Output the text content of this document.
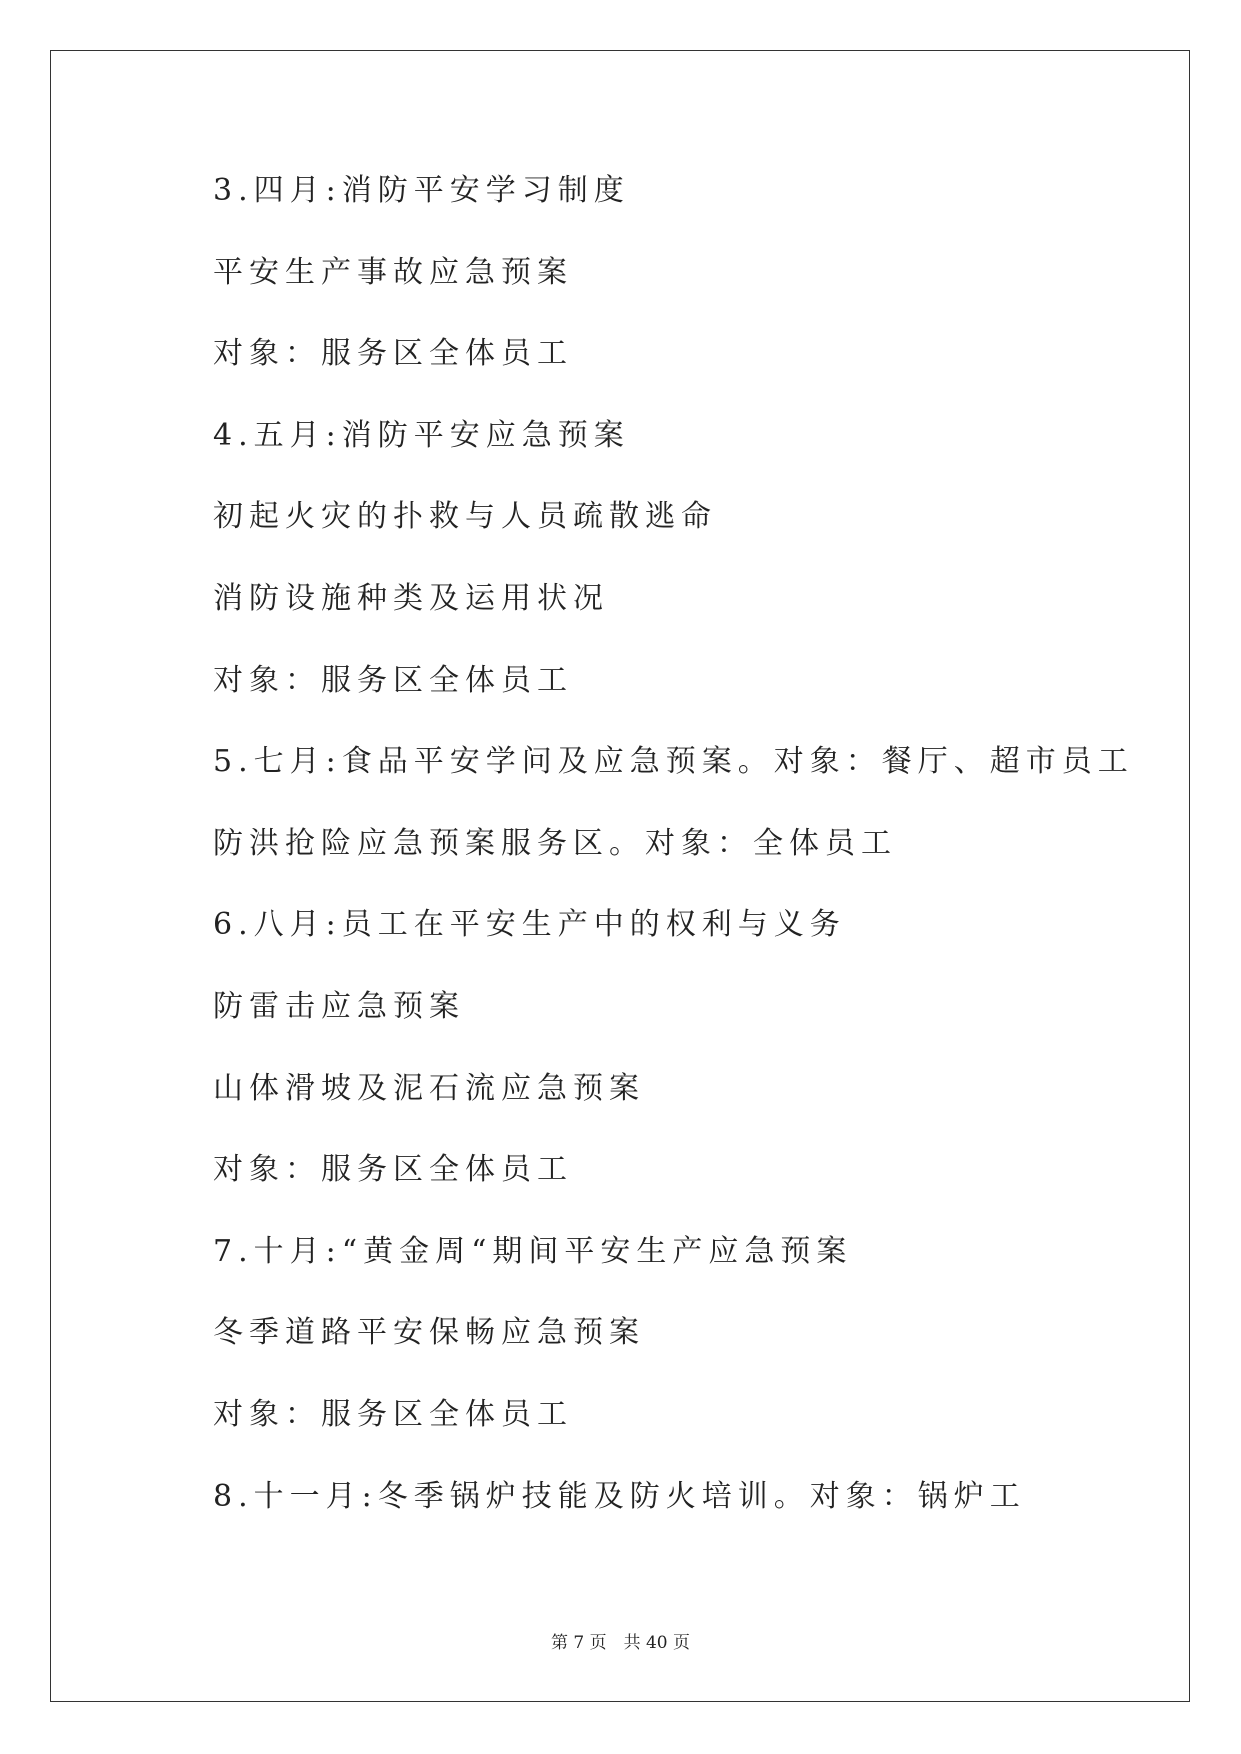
3.四月:消防平安学习制度
平安生产事故应急预案
对象：服务区全体员工
4.五月:消防平安应急预案
初起火灾的扑救与人员疏散逃命
消防设施种类及运用状况
对象：服务区全体员工
5.七月:食品平安学问及应急预案。对象：餐厅、超市员工
防洪抢险应急预案服务区。对象：全体员工
6.八月:员工在平安生产中的权利与义务
防雷击应急预案
山体滑坡及泥石流应急预案
对象：服务区全体员工
7.十月:“黄金周“期间平安生产应急预案
冬季道路平安保畅应急预案
对象：服务区全体员工
8.十一月:冬季锅炉技能及防火培训。对象：锅炉工
第 7 页　共 40 页
